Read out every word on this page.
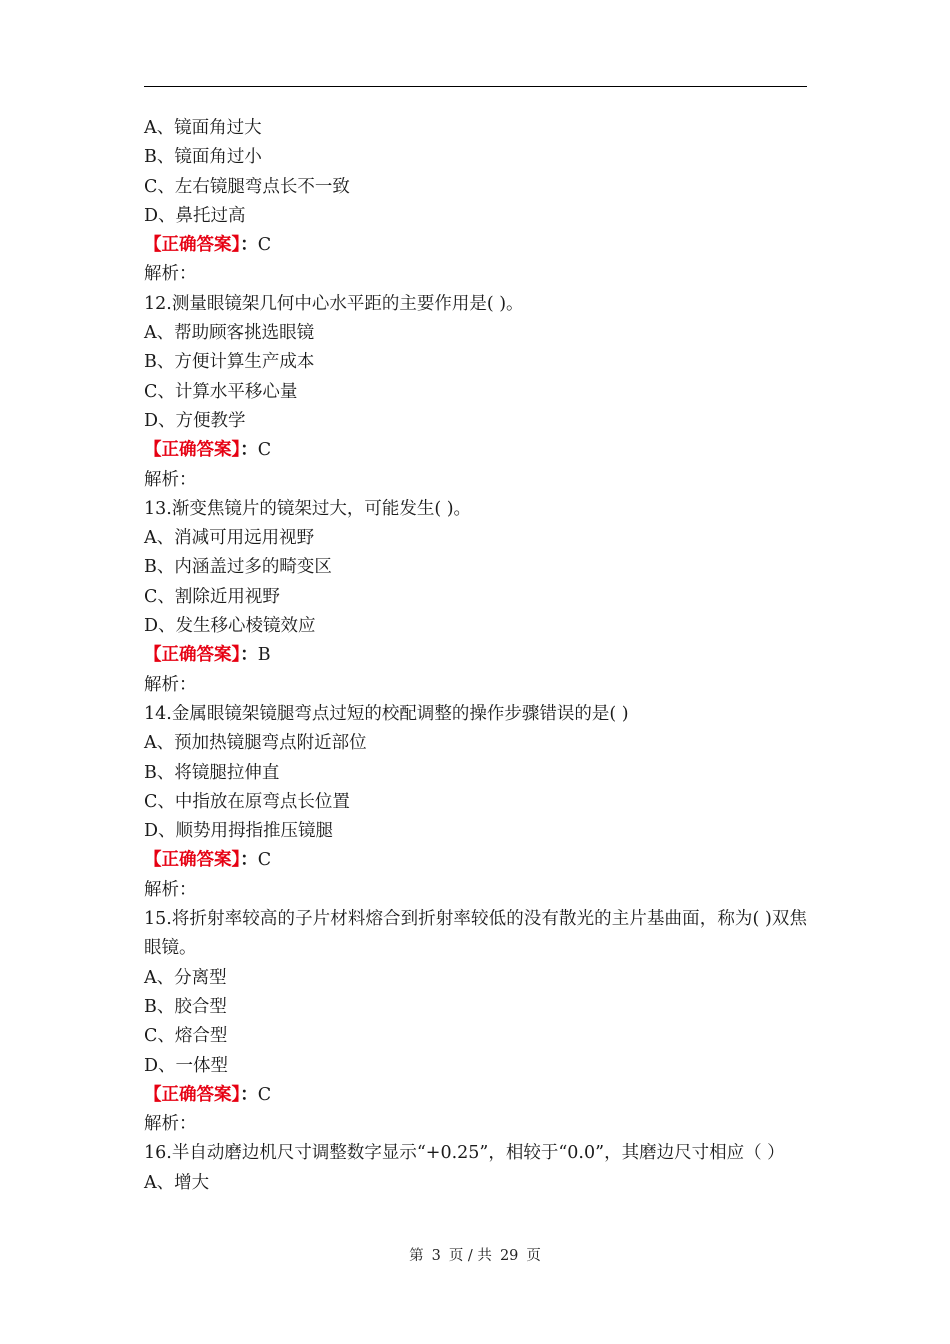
A、镜面角过大
B、镜面角过小
C、左右镜腿弯点长不一致
D、鼻托过高
【正确答案】：C
解析：
12.测量眼镜架几何中心水平距的主要作用是( )。
A、帮助顾客挑选眼镜
B、方便计算生产成本
C、计算水平移心量
D、方便教学
【正确答案】：C
解析：
13.渐变焦镜片的镜架过大，可能发生( )。
A、消减可用远用视野
B、内涵盖过多的畸变区
C、割除近用视野
D、发生移心棱镜效应
【正确答案】：B
解析：
14.金属眼镜架镜腿弯点过短的校配调整的操作步骤错误的是( )
A、预加热镜腿弯点附近部位
B、将镜腿拉伸直
C、中指放在原弯点长位置
D、顺势用拇指推压镜腿
【正确答案】：C
解析：
15.将折射率较高的子片材料熔合到折射率较低的没有散光的主片基曲面，称为( )双焦眼镜。
A、分离型
B、胶合型
C、熔合型
D、一体型
【正确答案】：C
解析：
16.半自动磨边机尺寸调整数字显示“+0.25”，相较于“0.0”，其磨边尺寸相应（ ）
A、增大
第 3 页 / 共 29 页
